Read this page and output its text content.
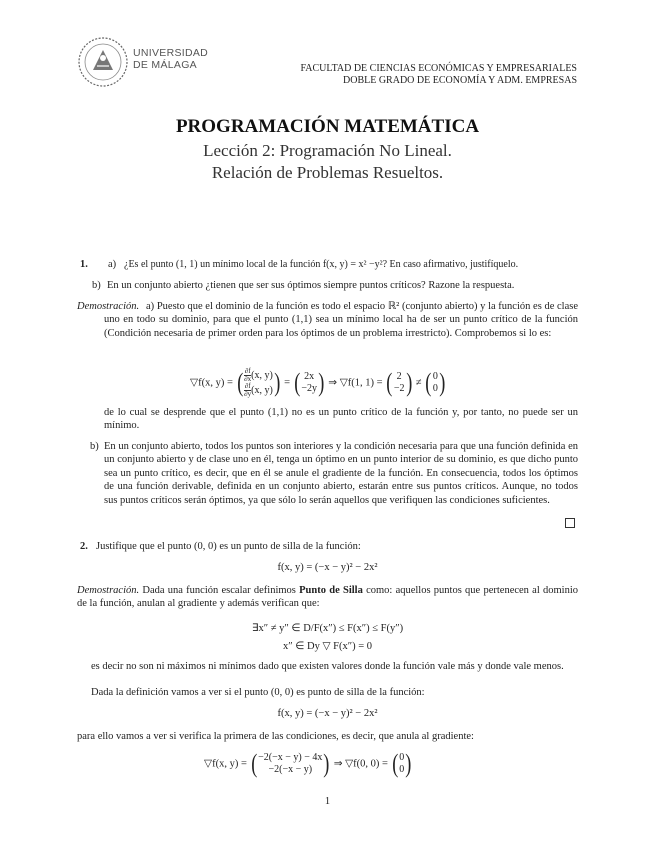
UNIVERSIDAD
DE MÁLAGA	FACULTAD DE CIENCIAS ECONÓMICAS Y EMPRESARIALES
DOBLE GRADO DE ECONOMÍA Y ADM. EMPRESAS
PROGRAMACIÓN MATEMÁTICA
Lección 2: Programación No Lineal.
Relación de Problemas Resueltos.
1. a) ¿Es el punto (1, 1) un mínimo local de la función f(x, y) = x² −y²? En caso afirmativo, justifíquelo.
b) En un conjunto abierto ¿tienen que ser sus óptimos siempre puntos críticos? Razone la respuesta.
Demostración. a) Puesto que el dominio de la función es todo el espacio ℝ² (conjunto abierto) y la función es de clase uno en todo su dominio, para que el punto (1,1) sea un mínimo local ha de ser un punto crítico de la función (Condición necesaria de primer orden para los óptimos de un problema irrestricto). Comprobemos si lo es:
▽f(x, y) = ( $\frac{\partial f}{\partial x} (x$, y)

$\frac{\partial f}{\partial y} (x$, y)) = ( 2x
−2y) ⇒ ▽f(1, 1) = ( 2
−2) ≠ (0
0)
de lo cual se desprende que el punto (1,1) no es un punto crítico de la función y, por tanto, no puede ser un mínimo.
b) En un conjunto abierto, todos los puntos son interiores y la condición necesaria para que una función definida en un conjunto abierto y de clase uno en él, tenga un óptimo en un punto interior de su dominio, es que dicho punto sea un punto crítico, es decir, que en él se anule el gradiente de la función. En consecuencia, todos los óptimos de una función derivable, definida en un conjunto abierto, estarán entre sus puntos críticos. Aunque, no todos sus puntos críticos serán óptimos, ya que sólo lo serán aquellos que verifiquen las condiciones suficientes.
2. Justifique que el punto (0, 0) es un punto de silla de la función:
f(x, y) = (−x − y)² − 2x²
Demostración. Dada una función escalar definimos Punto de Silla como: aquellos puntos que pertenecen al dominio de la función, anulan al gradiente y además verifican que:
∃x″ ≠ y″ ∈ D/F(x″) ≤ F(x″) ≤ F(y″)
x″ ∈ Dy ▽ F(x″) = 0
es decir no son ni máximos ni mínimos dado que existen valores donde la función vale más y donde vale menos.
Dada la definición vamos a ver si el punto (0, 0) es punto de silla de la función:
f(x, y) = (−x − y)² − 2x²
para ello vamos a ver si verifica la primera de las condiciones, es decir, que anula al gradiente:
▽f(x, y) = (−2(−x − y) − 4x
−2(−x − y) ) ⇒ ▽f(0, 0) = (0
0)
1
